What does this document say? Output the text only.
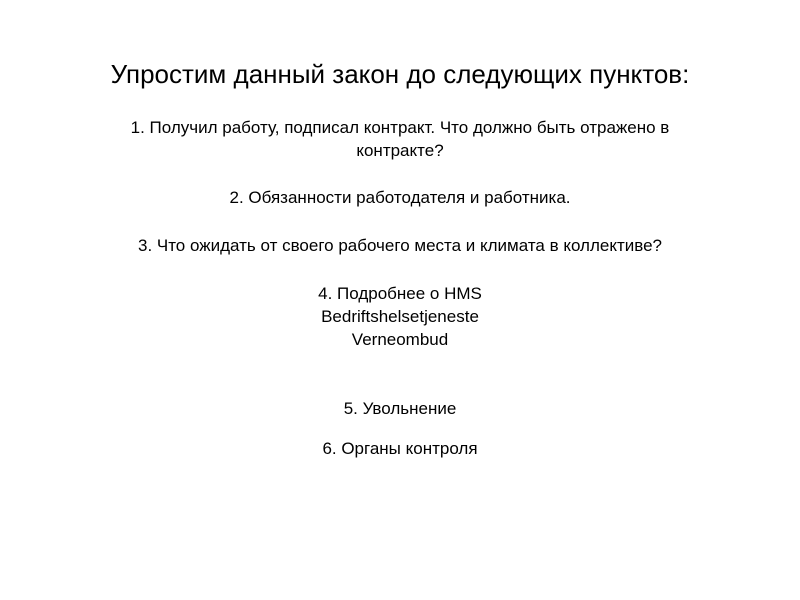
Упростим данный закон до следующих пунктов:

1. Получил работу, подписал контракт. Что должно быть отражено в
контракте?

2. Обязанности работодателя и работника.

3. Что ожидать от своего рабочего места и климата в коллективе?

4. Подробнее о HMS
Bedriftshelsetjeneste
Verneombud

5. Увольнение

6. Органы контроля
